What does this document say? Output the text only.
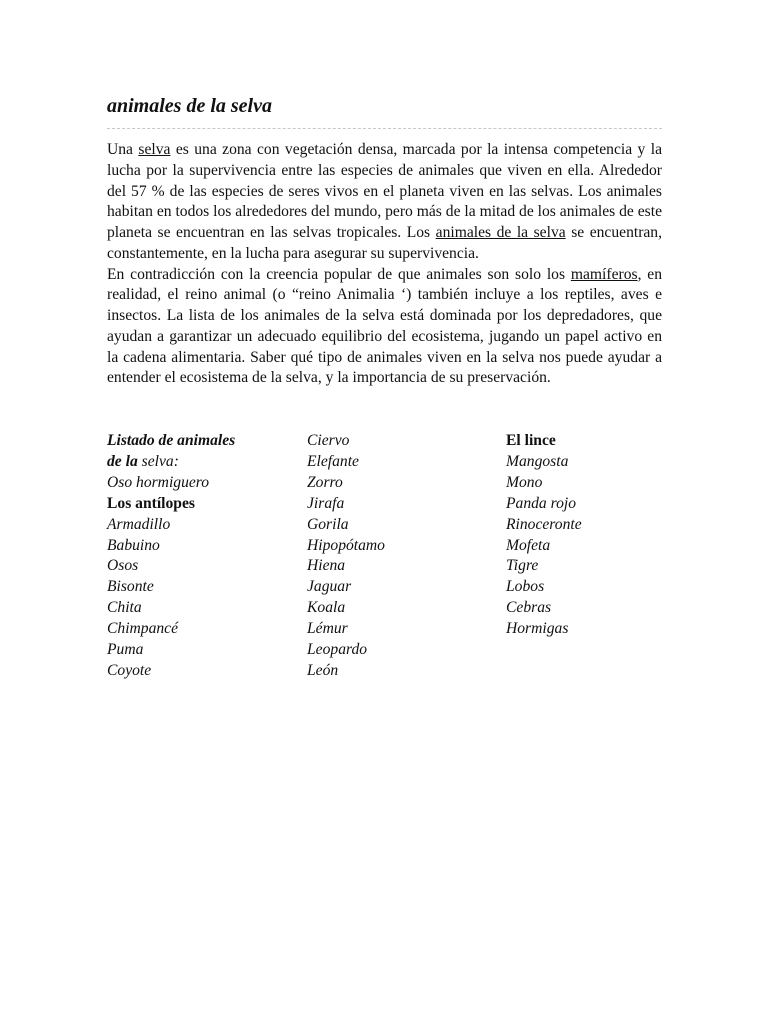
animales de la selva

Una selva es una zona con vegetación densa, marcada por la intensa competencia y la lucha por la supervivencia entre las especies de animales que viven en ella. Alrededor del 57 % de las especies de seres vivos en el planeta viven en las selvas. Los animales habitan en todos los alrededores del mundo, pero más de la mitad de los animales de este planeta se encuentran en las selvas tropicales. Los animales de la selva se encuentran, constantemente, en la lucha para asegurar su supervivencia.

En contradicción con la creencia popular de que animales son solo los mamíferos, en realidad, el reino animal (o “reino Animalia ‘) también incluye a los reptiles, aves e insectos. La lista de los animales de la selva está dominada por los depredadores, que ayudan a garantizar un adecuado equilibrio del ecosistema, jugando un papel activo en la cadena alimentaria. Saber qué tipo de animales viven en la selva nos puede ayudar a entender el ecosistema de la selva, y la importancia de su preservación.

Listado de animales
de la selva:
Oso hormiguero
Los antílopes
Armadillo
Babuino
Osos
Bisonte
Chita
Chimpancé
Puma
Coyote
Ciervo
Elefante
Zorro
Jirafa
Gorila
Hipopótamo
Hiena
Jaguar
Koala
Lémur
Leopardo
León
El lince
Mangosta
Mono
Panda rojo
Rinoceronte
Mofeta
Tigre
Lobos
Cebras
Hormigas
